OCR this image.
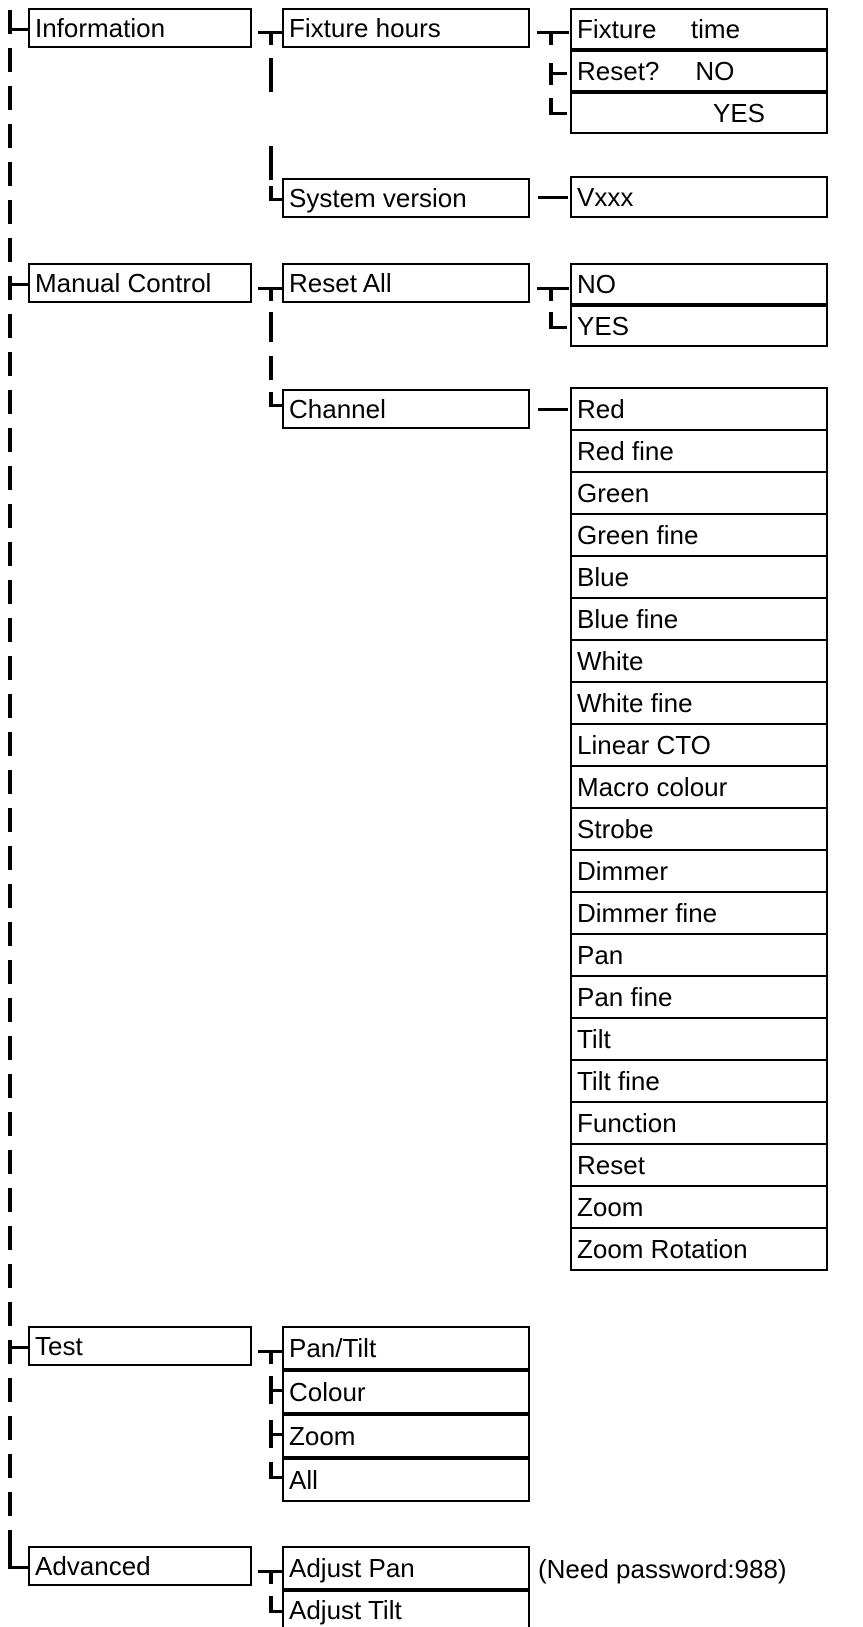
Information
Manual Control
Test
Advanced
Fixture hours
System version
Fixture  time
Reset? NO
YES
Vxxx
Reset All
Channel
NO
YES
Red
Red fine
Green
Green fine
Blue
Blue fine
White
White fine
Linear CTO
Macro colour
Strobe
Dimmer
Dimmer fine
Pan
Pan fine
Tilt
Tilt fine
Function
Reset
Zoom
Zoom Rotation
Pan/Tilt
Colour
Zoom
All
Adjust Pan
Adjust Tilt
(Need password:988)
